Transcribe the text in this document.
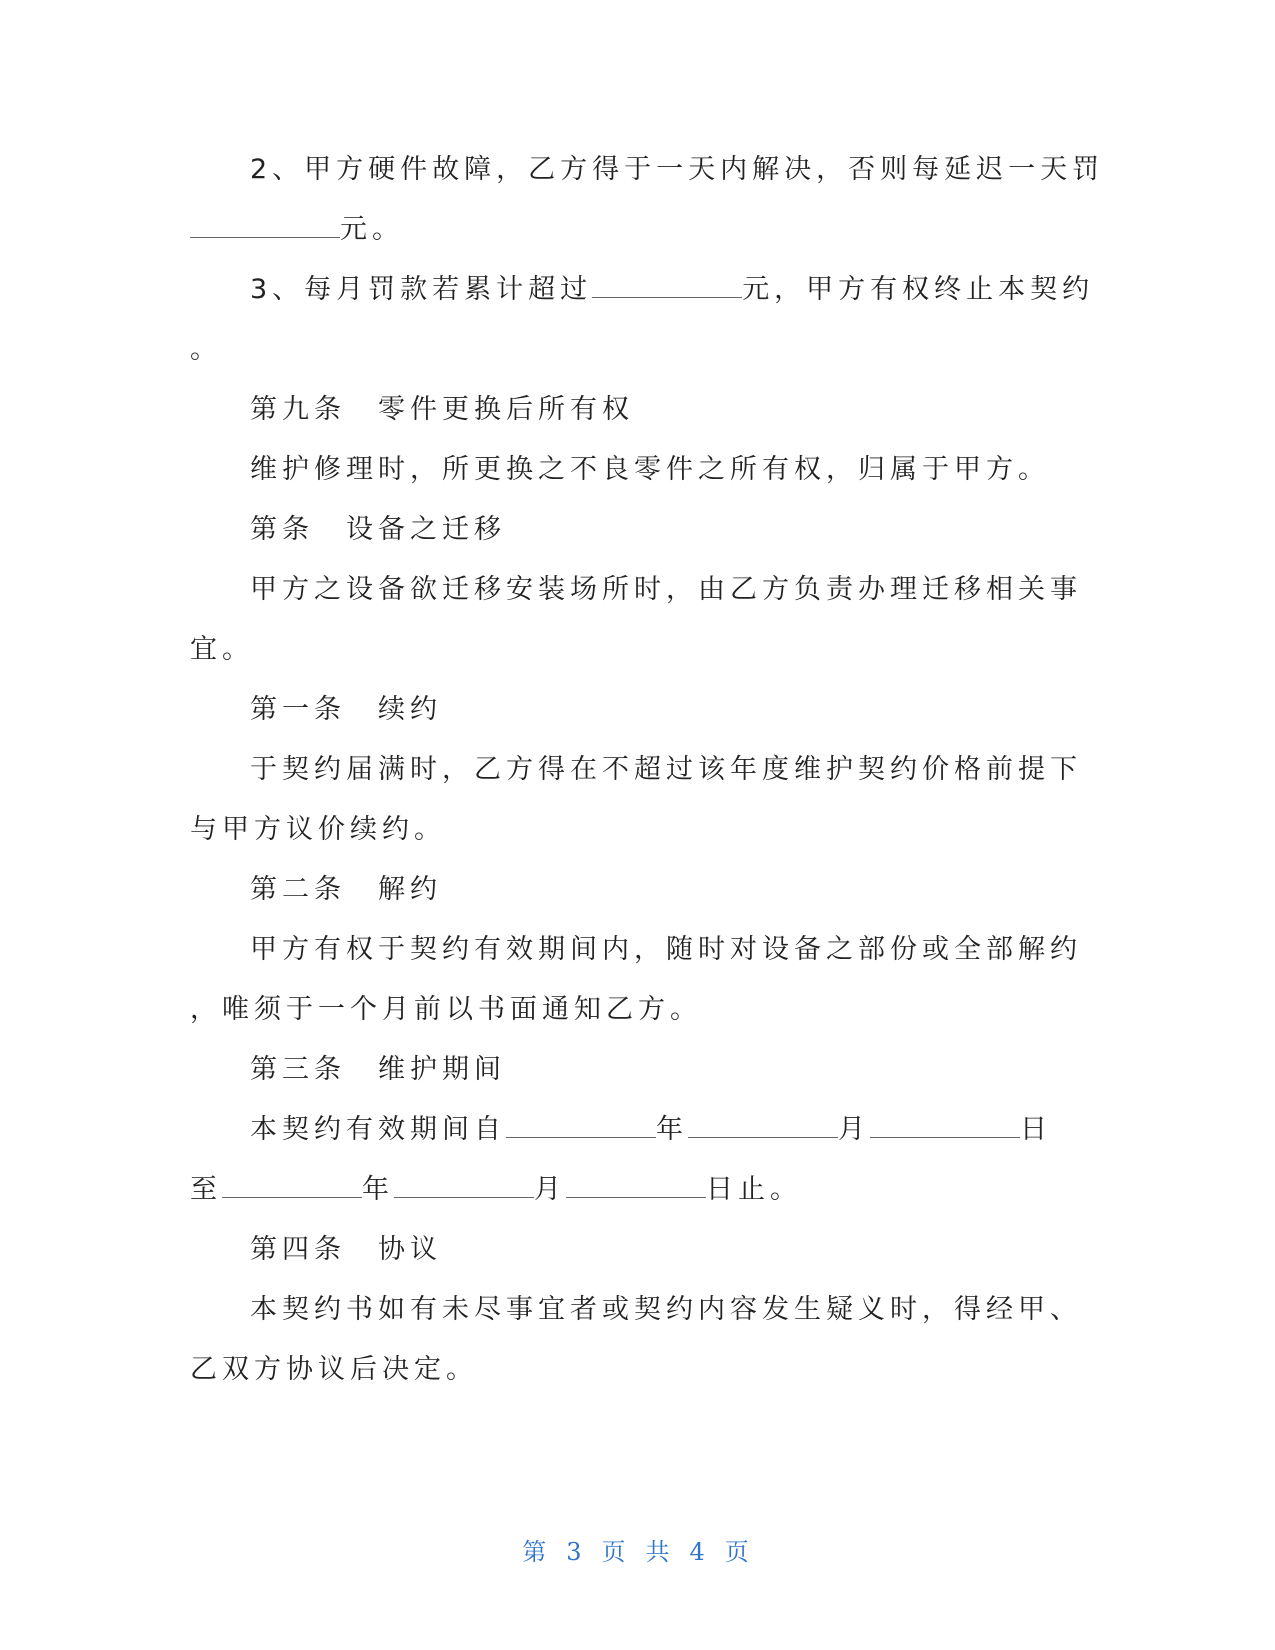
2、甲方硬件故障，乙方得于一天内解决，否则每延迟一天罚
元。
3、每月罚款若累计超过	元，甲方有权终止本契约
。
第九条　零件更换后所有权
维护修理时，所更换之不良零件之所有权，归属于甲方。
第条　设备之迁移
甲方之设备欲迁移安装场所时，由乙方负责办理迁移相关事
宜。
第一条　续约
于契约届满时，乙方得在不超过该年度维护契约价格前提下
与甲方议价续约。
第二条　解约
甲方有权于契约有效期间内，随时对设备之部份或全部解约
，唯须于一个月前以书面通知乙方。
第三条　维护期间
本契约有效期间自	年	月	日
至	年	月	日止。
第四条　协议
本契约书如有未尽事宜者或契约内容发生疑义时，得经甲、
乙双方协议后决定。
第 3 页 共 4 页
